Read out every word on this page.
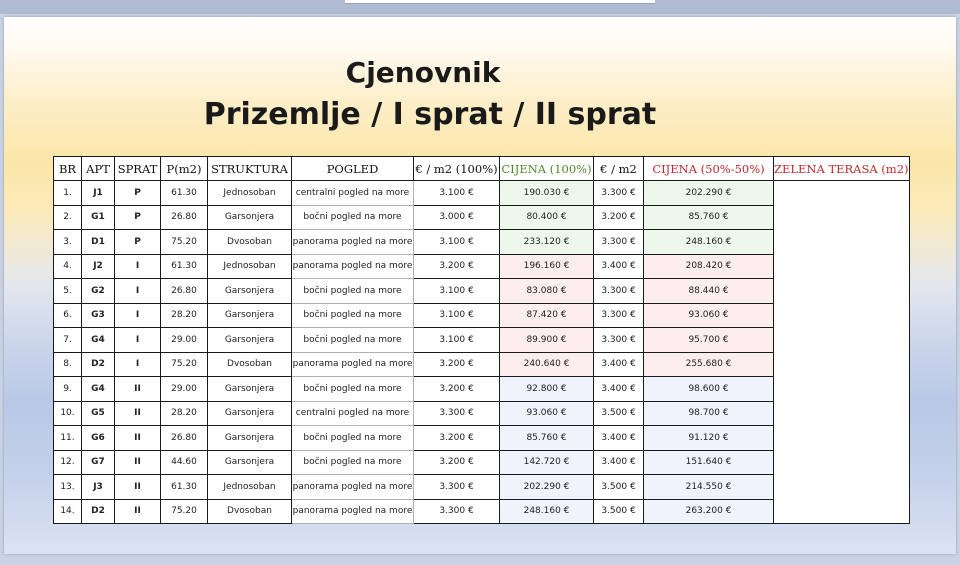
Cjenovnik
Prizemlje / I sprat / II sprat
BR	APT	SPRAT	P(m2)	STRUKTURA	POGLED	€ / m2 (100%)	CIJENA (100%)	€ / m2	CIJENA (50%-50%)	ZELENA TERASA (m2)
1.	J1	P	61.30	Jednosoban	centralni pogled na more	3.100 €	190.030 €	3.300 €	202.290 €	
2.	G1	P	26.80	Garsonjera	bočni pogled na more	3.000 €	80.400 €	3.200 €	85.760 €	
3.	D1	P	75.20	Dvosoban	panorama pogled na more	3.100 €	233.120 €	3.300 €	248.160 €	
4.	J2	I	61.30	Jednosoban	panorama pogled na more	3.200 €	196.160 €	3.400 €	208.420 €	
5.	G2	I	26.80	Garsonjera	bočni pogled na more	3.100 €	83.080 €	3.300 €	88.440 €	
6.	G3	I	28.20	Garsonjera	bočni pogled na more	3.100 €	87.420 €	3.300 €	93.060 €	
7.	G4	I	29.00	Garsonjera	bočni pogled na more	3.100 €	89.900 €	3.300 €	95.700 €	
8.	D2	I	75.20	Dvosoban	panorama pogled na more	3.200 €	240.640 €	3.400 €	255.680 €	
9.	G4	II	29.00	Garsonjera	bočni pogled na more	3.200 €	92.800 €	3.400 €	98.600 €	
10.	G5	II	28.20	Garsonjera	centralni pogled na more	3.300 €	93.060 €	3.500 €	98.700 €	
11.	G6	II	26.80	Garsonjera	bočni pogled na more	3.200 €	85.760 €	3.400 €	91.120 €	
12.	G7	II	44.60	Garsonjera	bočni pogled na more	3.200 €	142.720 €	3.400 €	151.640 €	
13.	J3	II	61.30	Jednosoban	panorama pogled na more	3.300 €	202.290 €	3.500 €	214.550 €	
14.	D2	II	75.20	Dvosoban	panorama pogled na more	3.300 €	248.160 €	3.500 €	263.200 €	
